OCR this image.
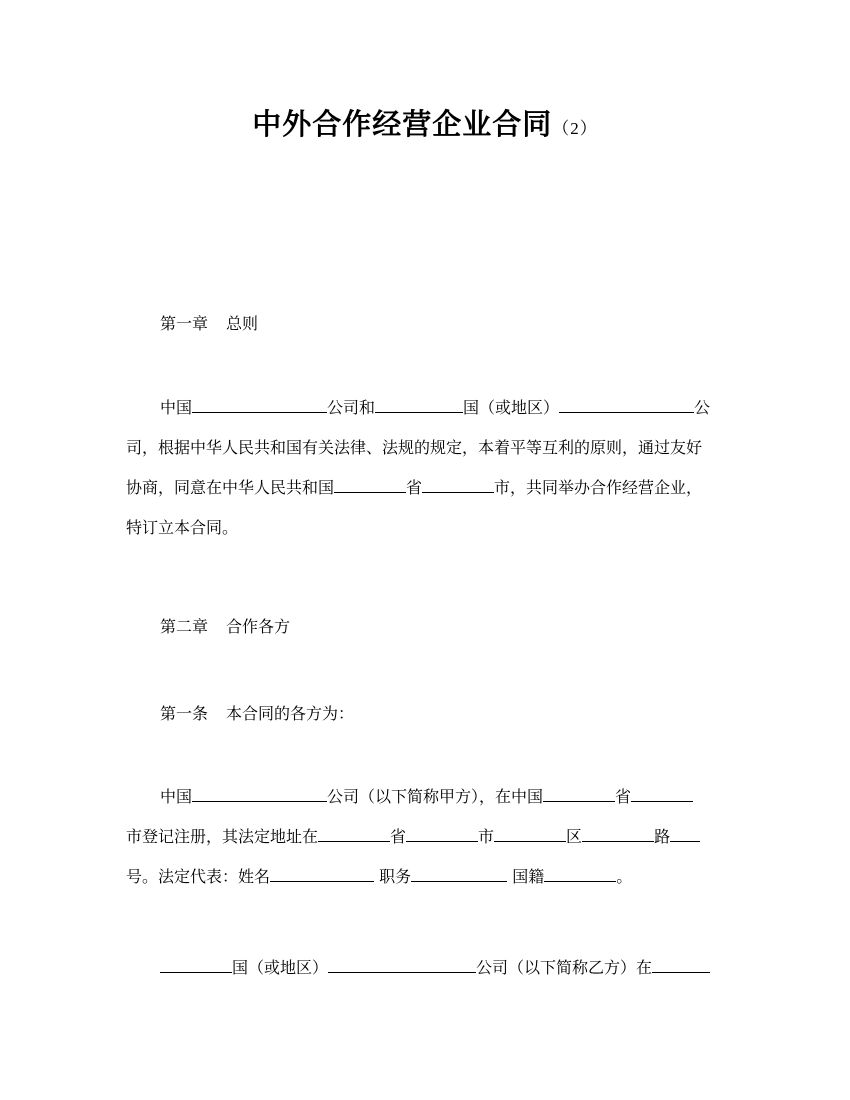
中外合作经营企业合同（2）
第一章 总则
中国	公司和	国（或地区）	公
司，根据中华人民共和国有关法律、法规的规定，本着平等互利的原则，通过友好
协商，同意在中华人民共和国	省	市，共同举办合作经营企业，
特订立本合同。
第二章 合作各方
第一条 本合同的各方为：
中国	公司（以下简称甲方），在中国	省
市登记注册，其法定地址在	省	市	区	路
号。法定代表：姓名	职务	国籍	。
国（或地区）	公司（以下简称乙方）在
